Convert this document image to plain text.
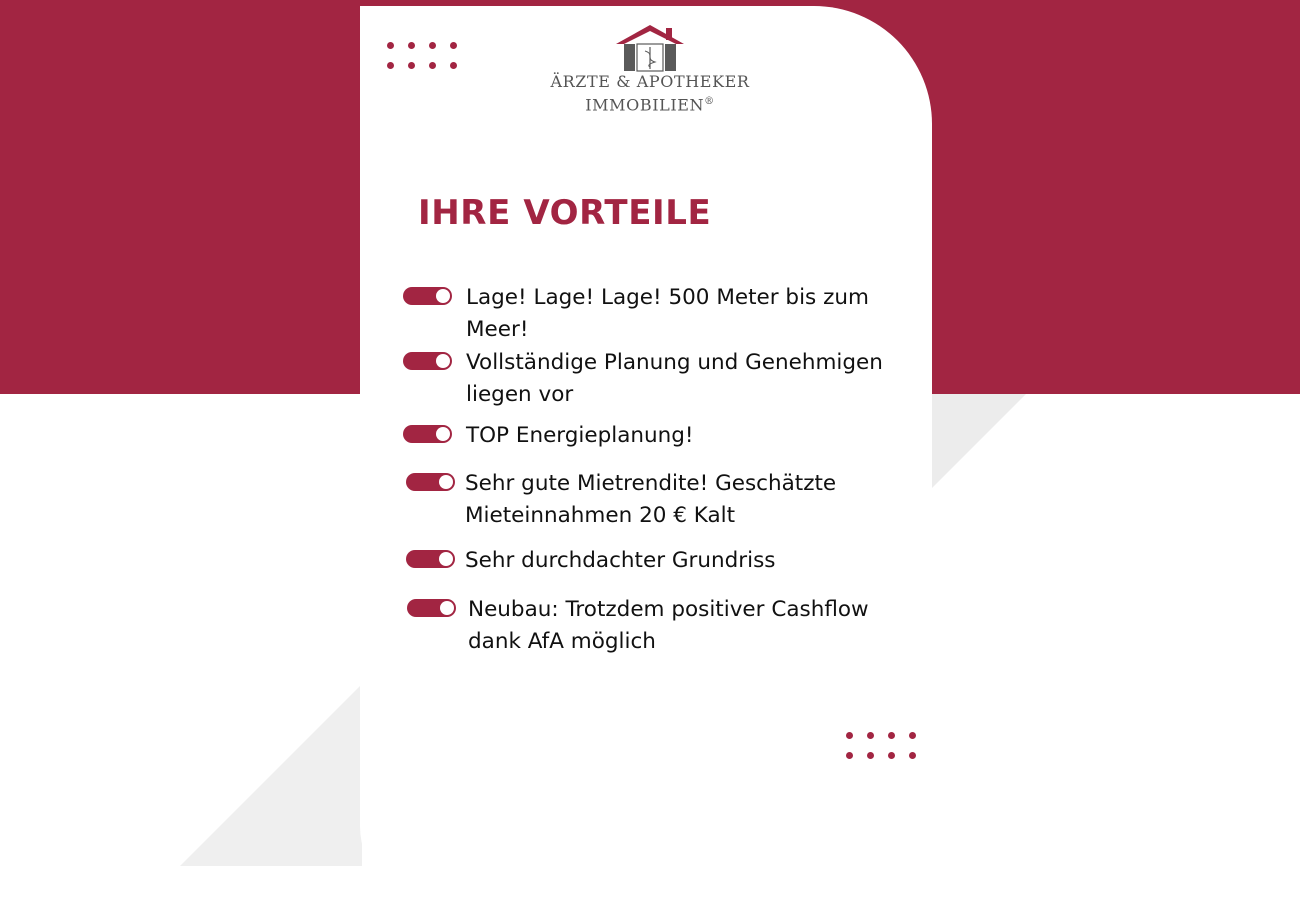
ÄRZTE & APOTHEKER
IMMOBILIEN®
IHRE VORTEILE
Lage! Lage! Lage! 500 Meter bis zum Meer!
Vollständige Planung und Genehmigen liegen vor
TOP Energieplanung!
Sehr gute Mietrendite! Geschätzte Mieteinnahmen 20 € Kalt
Sehr durchdachter Grundriss
Neubau: Trotzdem positiver Cashflow dank AfA möglich
